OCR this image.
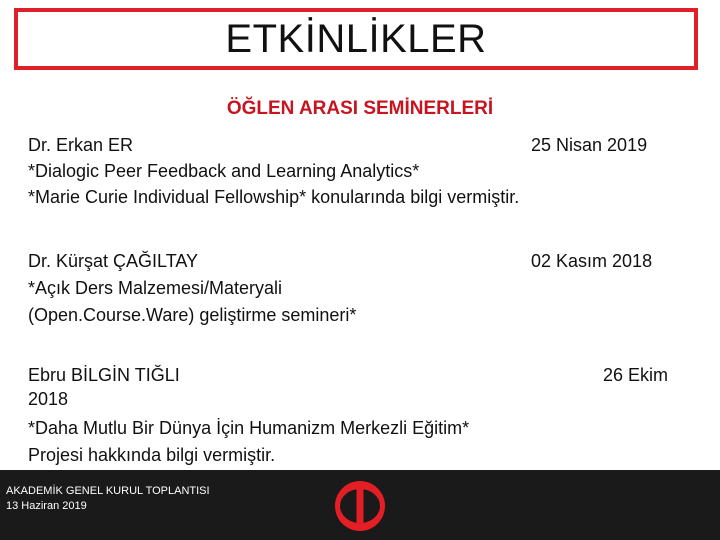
ETKİNLİKLER
ÖĞLEN ARASI SEMİNERLERİ
Dr. Erkan ER	25 Nisan 2019
*Dialogic Peer Feedback and Learning Analytics*
*Marie Curie Individual Fellowship* konularında bilgi vermiştir.
Dr. Kürşat ÇAĞILTAY	02 Kasım 2018
*Açık Ders Malzemesi/Materyali
(Open.Course.Ware) geliştirme semineri*
Ebru BİLGİN TIĞLI	26 Ekim
2018
*Daha Mutlu Bir Dünya İçin Humanizm Merkezli Eğitim*
Projesi hakkında bilgi vermiştir.
AKADEMİK GENEL KURUL TOPLANTISI
13 Haziran 2019
